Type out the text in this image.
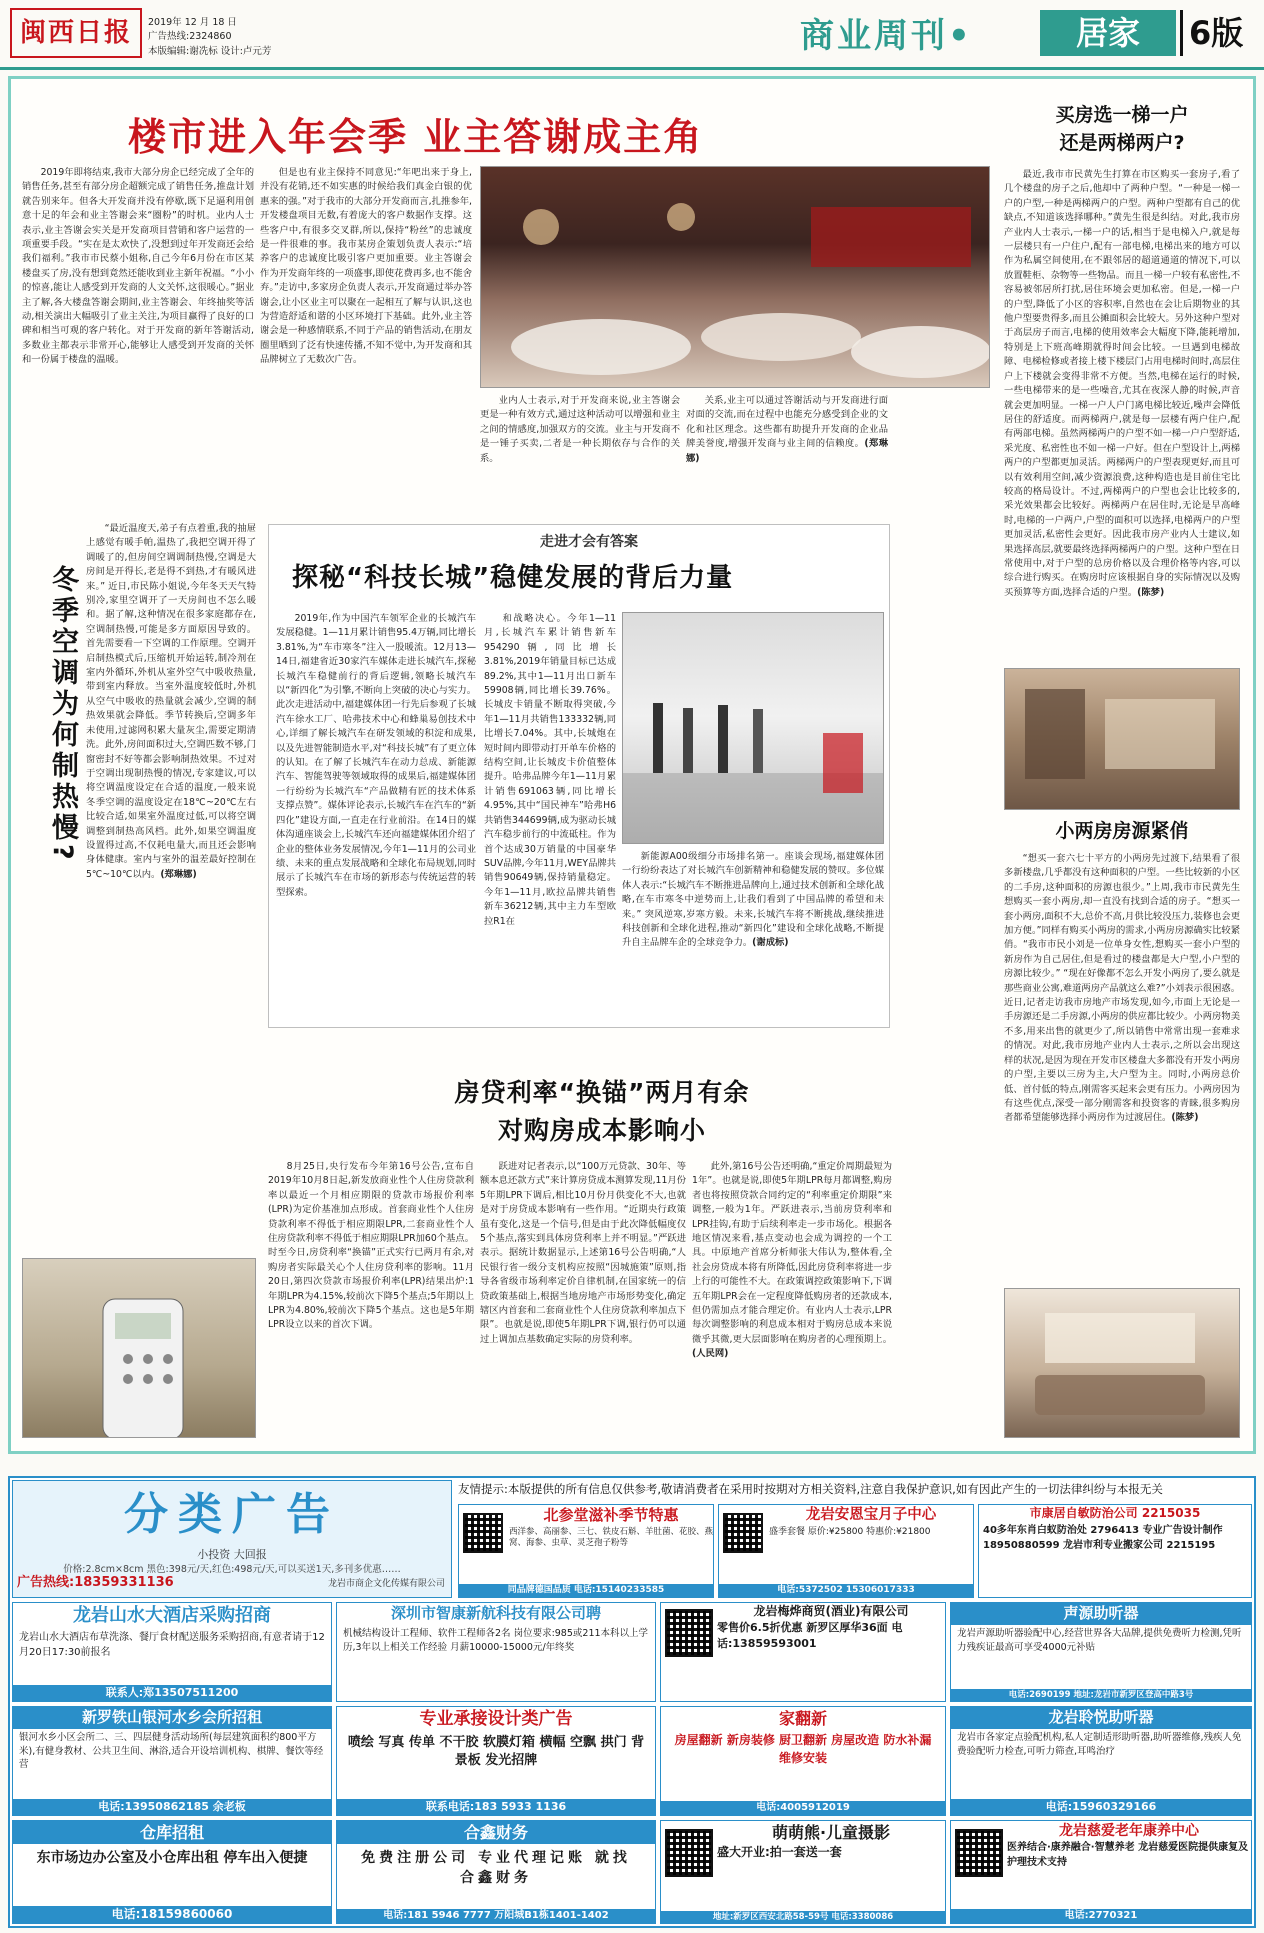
闽西日报	2019年 12 月 18 日
广告热线:2324860
本版编辑:谢冼标 设计:卢元芳	商业周刊•	居家	6版
楼市进入年会季 业主答谢成主角

2019年即将结束,我市大部分房企已经完成了全年的销售任务,甚至有部分房企超额完成了销售任务,推盘计划就告别来年。但各大开发商并没有停歇,既下足逼利用创意十足的年会和业主答谢会来“圈粉”的时机。业内人士表示,业主答谢会实关是开发商项目营销和客户运营的一项重要手段。“实在是太欢快了,没想到过年开发商还会给我们福利。”我市市民蔡小姐称,自己今年6月份在市区某楼盘买了房,没有想到竟然还能收到业主新年祝福。“小小的惊喜,能让人感受到开发商的人文关怀,这很暖心。”据业主了解,各大楼盘答谢会期间,业主答谢会、年终抽奖等活动,相关演出大幅吸引了业主关注,为项目赢得了良好的口碑和相当可观的客户转化。对于开发商的新年答谢活动,多数业主都表示非常开心,能够让人感受到开发商的关怀和一份属于楼盘的温暖。

但是也有业主保持不同意见:“年吧出来于身上,并没有花销,还不如实惠的时候给我们真金白银的优惠来的强。”对于我市的大部分开发商而言,扎推参年,开发楼盘项目无数,有着庞大的客户数据作支撑。这些客户中,有很多交叉群,所以,保持“粉丝”的忠诚度是一件很难的事。我市某房企策划负责人表示:“培养客户的忠诚度比吸引客户更加重要。业主答谢会作为开发商年终的一项盛事,即使花费再多,也不能舍弃。”走访中,多家房企负责人表示,开发商通过举办答谢会,让小区业主可以聚在一起相互了解与认识,这也为营造舒适和谐的小区环境打下基础。此外,业主答谢会是一种感情联系,不同于产品的销售活动,在朋友圈里晒到了泛有快速传播,不知不觉中,为开发商和其品牌树立了无数次广告。

业内人士表示,对于开发商来说,业主答谢会更是一种有效方式,通过这种活动可以增强和业主之间的情感度,加强双方的交流。业主与开发商不是一锤子买卖,二者是一种长期依存与合作的关系。

关系,业主可以通过答谢活动与开发商进行面对面的交流,而在过程中也能充分感受到企业的文化和社区理念。这些都有助提升开发商的企业品牌美誉度,增强开发商与业主间的信赖度。(郑琳娜)

买房选一梯一户
还是两梯两户?

最近,我市市民黄先生打算在市区购买一套房子,看了几个楼盘的房子之后,他却中了两种户型。“一种是一梯一户的户型,一种是两梯两户的户型。两种户型都有自己的优缺点,不知道该选择哪种。”黄先生很是纠结。对此,我市房产业内人士表示,一梯一户的话,相当于是电梯入户,就是每一层楼只有一户住户,配有一部电梯,电梯出来的地方可以作为私属空间使用,在不跟邻居的超道通道的情况下,可以放置鞋柜、杂物等一些物品。而且一梯一户较有私密性,不容易被邻居所打扰,居住环境会更加私密。但是,一梯一户的户型,降低了小区的容积率,自然也在会让后期物业的其他户型要贵得多,而且公摊面积会比较大。另外这种户型对于高层房子而言,电梯的使用效率会大幅度下降,能耗增加,特别是上下班高峰期就得时间会比较。一旦遇到电梯故障、电梯检修或者接上楼下楼层门占用电梯时间时,高层住户上下楼就会变得非常不方便。当然,电梯在运行的时候,一些电梯带来的是一些噪音,尤其在夜深人静的时候,声音就会更加明显。一梯一户人户门离电梯比较近,噪声会降低居住的舒适度。而两梯两户,就是每一层楼有两户住户,配有两部电梯。虽然两梯两户的户型不如一梯一户户型舒适,采光度、私密性也不如一梯一户好。但在户型设计上,两梯两户的户型都更加灵活。两梯两户的户型表现更好,而且可以有效利用空间,减少资源浪费,这种构造也是目前住宅比较高的格局设计。不过,两梯两户的户型也会让比较多的,采光效果都会比较好。两梯两户在居住时,无论是早高峰时,电梯的一户两户,户型的面积可以选择,电梯两户的户型更加灵活,私密性会更好。因此我市房产业内人士建议,如果选择高层,就要最终选择两梯两户的户型。这种户型在日常使用中,对于户型的总房价格以及合理价格等内容,可以综合进行购买。在购房时应该根据自身的实际情况以及购买预算等方面,选择合适的户型。(陈梦)

小两房房源紧俏

“想买一套六七十平方的小两房先过渡下,结果看了很多新楼盘,几乎都没有这种面积的户型。一些比较新的小区的二手房,这种面积的房源也很少。”上周,我市市民黄先生想购买一套小两房,却一直没有找到合适的房子。“想买一套小两房,面积不大,总价不高,月供比较没压力,装修也会更加方便。”同样有购买小两房的需求,小两房房源确实比较紧俏。“我市市民小刘是一位单身女性,想购买一套小户型的新房作为自己居住,但是看过的楼盘都是大户型,小户型的房源比较少。” “现在好像都不怎么开发小两房了,要么就是那些商业公寓,难道两房产品就这么难?”小刘表示很困惑。近日,记者走访我市房地产市场发现,如今,市面上无论是一手房源还是二手房源,小两房的供应都比较少。小两房物美不多,用来出售的就更少了,所以销售中常常出现一套难求的情况。对此,我市房地产业内人士表示,之所以会出现这样的状况,是因为现在开发市区楼盘大多都没有开发小两房的户型,主要以三房为主,大户型为主。同时,小两房总价低、首付低的特点,刚需客买起来会更有压力。小两房因为有这些优点,深受一部分刚需客和投资客的青睐,很多购房者都希望能够选择小两房作为过渡居住。(陈梦)

冬季空调为何制热慢?

“最近温度天,弟子有点着重,我的抽屉上感觉有暖手帕,温热了,我把空调开得了调暖了的,但房间空调调制热慢,空调是大房间是开得长,老是得不到热,才有暖风进来。” 近日,市民陈小姐说,今年冬天天气特别冷,家里空调开了一天房间也不怎么暖和。据了解,这种情况在很多家庭都存在,空调制热慢,可能是多方面原因导致的。首先需要看一下空调的工作原理。空调开启制热模式后,压缩机开始运转,制冷剂在室内外循环,外机从室外空气中吸收热量,带到室内释放。当室外温度较低时,外机从空气中吸收的热量就会减少,空调的制热效果就会降低。季节转换后,空调多年未使用,过滤网积累大量灰尘,需要定期清洗。此外,房间面积过大,空调匹数不够,门窗密封不好等都会影响制热效果。不过对于空调出现制热慢的情况,专家建议,可以将空调温度设定在合适的温度,一般来说冬季空调的温度设定在18℃~20℃左右比较合适,如果室外温度过低,可以将空调调整到制热高风档。此外,如果空调温度设置得过高,不仅耗电量大,而且还会影响身体健康。室内与室外的温差最好控制在5℃~10℃以内。(郑琳娜)

走进才会有答案
探秘“科技长城”稳健发展的背后力量

2019年,作为中国汽车领军企业的长城汽车发展稳健。1—11月累计销售95.4万辆,同比增长3.81%,为“车市寒冬”注入一股暖流。12月13—14日,福建省近30家汽车媒体走进长城汽车,探秘长城汽车稳健前行的背后逻辑,领略长城汽车以“新四化”为引擎,不断向上突破的决心与实力。此次走进活动中,福建媒体团一行先后参观了长城汽车徐水工厂、哈弗技术中心和蜂巢易创技术中心,详细了解长城汽车在研发领域的积淀和成果,以及先进智能制造水平,对“科技长城”有了更立体的认知。在了解了长城汽车在动力总成、新能源汽车、智能驾驶等领域取得的成果后,福建媒体团一行纷纷为长城汽车“产品做精有匠的技术体系支撑点赞”。媒体评论表示,长城汽车在汽车的“新四化”建设方面,一直走在行业前沿。在14日的媒体沟通座谈会上,长城汽车还向福建媒体团介绍了企业的整体业务发展情况,今年1—11月的公司业绩、未来的重点发展战略和全球化布局规划,同时展示了长城汽车在市场的新形态与传统运营的转型探索。

和战略决心。今年1—11月,长城汽车累计销售新车954290辆,同比增长3.81%,2019年销量目标已达成89.2%,其中1—11月出口新车59908辆,同比增长39.76%。长城皮卡销量不断取得突破,今年1—11月共销售133332辆,同比增长7.04%。其中,长城炮在短时间内即带动打开单车价格的结构空间,让长城皮卡价值整体提升。哈弗品牌今年1—11月累计销售691063辆,同比增长4.95%,其中“国民神车”哈弗H6共销售344699辆,成为驱动长城汽车稳步前行的中流砥柱。作为首个达成30万销量的中国豪华SUV品牌,今年11月,WEY品牌共销售90649辆,保持销量稳定。今年1—11月,欧拉品牌共销售新车36212辆,其中主力车型欧拉R1在

新能源A00级细分市场排名第一。座谈会现场,福建媒体团一行纷纷表达了对长城汽车创新精神和稳健发展的赞叹。多位媒体人表示:“长城汽车不断推进品牌向上,通过技术创新和全球化战略,在车市寒冬中逆势而上,让我们看到了中国品牌的希望和未来。” 突风逆寒,岁寒方毅。未来,长城汽车将不断挑战,继续推进科技创新和全球化进程,推动“新四化”建设和全球化战略,不断提升自主品牌车企的全球竞争力。(谢成标)

房贷利率“换锚”两月有余
对购房成本影响小

8月25日,央行发布今年第16号公告,宣布自2019年10月8日起,新发放商业性个人住房贷款利率以最近一个月相应期限的贷款市场报价利率(LPR)为定价基准加点形成。首套商业性个人住房贷款利率不得低于相应期限LPR,二套商业性个人住房贷款利率不得低于相应期限LPR加60个基点。时至今日,房贷利率“换锚”正式实行已两月有余,对购房者实际最关心个人住房贷利率的影响。11月20日,第四次贷款市场报价利率(LPR)结果出炉:1年期LPR为4.15%,较前次下降5个基点;5年期以上LPR为4.80%,较前次下降5个基点。这也是5年期LPR设立以来的首次下调。

跃进对记者表示,以“100万元贷款、30年、等额本息还款方式”来计算房贷成本测算发现,11月份5年期LPR下调后,相比10月份月供变化不大,也就是对于房贷成本影响有一些作用。“近期央行政策虽有变化,这是一个信号,但是由于此次降低幅度仅5个基点,落实到具体房贷利率上并不明显。”严跃进表示。据统计数据显示,上述第16号公告明确,“人民银行省一级分支机构应按照“因城施策”原则,指导各省级市场利率定价自律机制,在国家统一的信贷政策基础上,根据当地房地产市场形势变化,确定辖区内首套和二套商业性个人住房贷款利率加点下限”。也就是说,即使5年期LPR下调,银行仍可以通过上调加点基数确定实际的房贷利率。

此外,第16号公告还明确,“重定价周期最短为1年”。也就是说,即使5年期LPR每月都调整,购房者也将按照贷款合同约定的“利率重定价期限”来调整,一般为1年。严跃进表示,当前房贷利率和LPR挂钩,有助于后续利率走一步市场化。根据各地区情况来看,基点变动也会成为调控的一个工具。中原地产首席分析师张大伟认为,整体看,全社会房贷成本将有所降低,因此房贷利率将进一步上行的可能性不大。在政策调控政策影响下,下调五年期LPR会在一定程度降低购房者的还款成本,但仍需加点才能合理定价。有业内人士表示,LPR每次调整影响的利息成本相对于购房总成本来说微乎其微,更大层面影响在购房者的心理预期上。(人民网)

友情提示:本版提供的所有信息仅供参考,敬请消费者在采用时按期对方相关资料,注意自我保护意识,如有因此产生的一切法律纠纷与本报无关
分类广告
小投资 大回报
价格:2.8cm×8cm 黑色:398元/天,红色:498元/天,可以买送1天,多刊多优惠……
广告热线:18359331136	龙岩市商企文化传媒有限公司
北参堂滋补季节特惠
西洋参、高丽参、三七、铁皮石斛、羊肚菌、花胶、燕窝、海参、虫草、灵芝孢子粉等
同品牌德国品质 电话:15140233585
龙岩安恩宝月子中心
盛季套餐 原价:¥25800 特惠价:¥21800
电话:5372502 15306017333
市康居自敏防治公司 2215035
40多年东肖白蚁防治处 2796413 专业广告设计制作 18950880599 龙岩市利专业搬家公司 2215195
龙岩山水大酒店采购招商
龙岩山水大酒店布草洗涤、餐厅食材配送服务采购招商,有意者请于12月20日17:30前报名
联系人:郑13507511200
深圳市智康新航科技有限公司聘
机械结构设计工程师、软件工程师各2名 岗位要求:985或211本科以上学历,3年以上相关工作经验 月薪10000-15000元/年终奖
龙岩梅烨商贸(酒业)有限公司
零售价6.5折优惠 新罗区厚华36面 电话:13859593001
声源助听器
龙岩声源助听器验配中心,经营世界各大品牌,提供免费听力检测,凭听力残疾证最高可享受4000元补贴
电话:2690199 地址:龙岩市新罗区登高中路3号
新罗铁山银河水乡会所招租
银河水乡小区会所二、三、四层健身活动场所(每层建筑面积约800平方米),有健身教材、公共卫生间、淋浴,适合开设培训机构、棋牌、餐饮等经营
电话:13950862185 余老板
专业承接设计类广告
喷绘 写真 传单 不干胶 软膜灯箱 横幅 空飘 拱门 背景板 发光招牌
联系电话:183 5933 1136
家翻新
房屋翻新 新房装修 厨卫翻新 房屋改造 防水补漏 维修安装
电话:4005912019
龙岩聆悦助听器
龙岩市各家定点验配机构,私人定制适形助听器,助听器维修,残疾人免费验配听力检查,可听力筛查,耳鸣治疗
电话:15960329166
仓库招租
东市场边办公室及小仓库出租 停车出入便捷
电话:18159860060
合鑫财务
免费注册公司 专业代理记账 就找合鑫财务
电话:181 5946 7777 万阳城B1栋1401-1402
萌萌熊·儿童摄影
盛大开业:拍一套送一套
地址:新罗区西安北路58-59号 电话:3380086
龙岩慈爱老年康养中心
医养结合·康养融合·智慧养老 龙岩慈爱医院提供康复及护理技术支持
电话:2770321
